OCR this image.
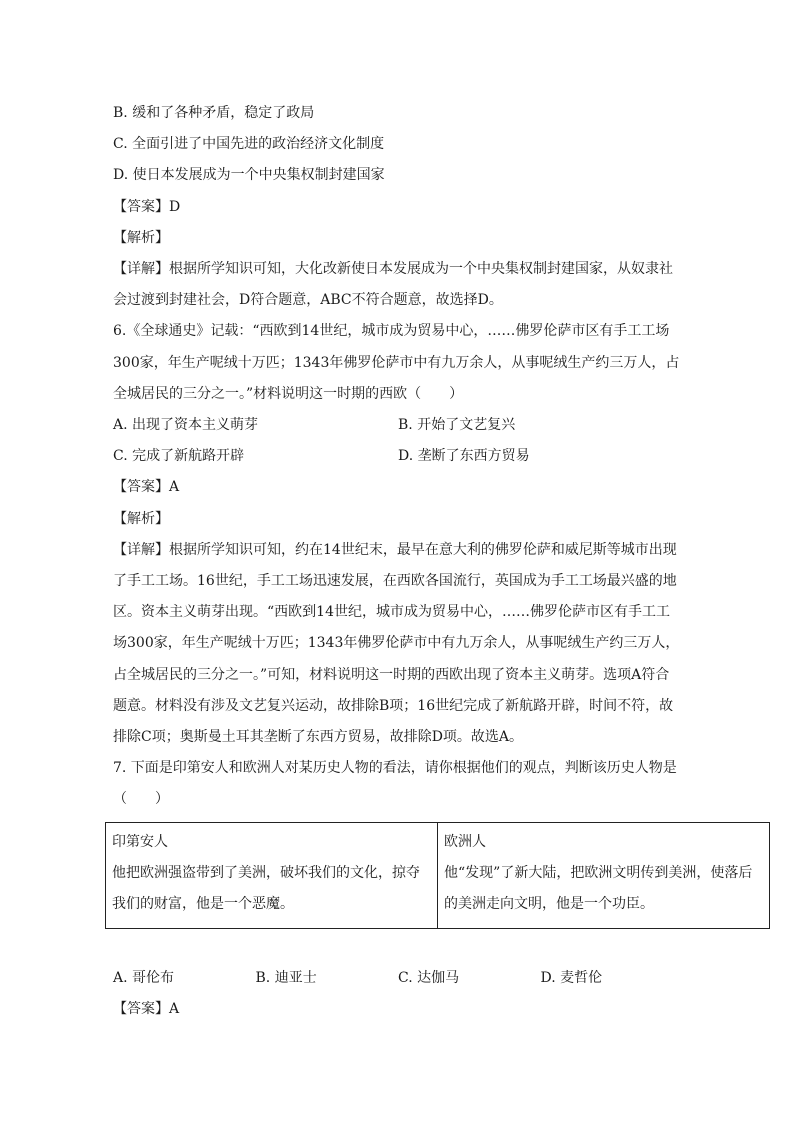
B. 缓和了各种矛盾，稳定了政局
C. 全面引进了中国先进的政治经济文化制度
D. 使日本发展成为一个中央集权制封建国家
【答案】D
【解析】
【详解】根据所学知识可知，大化改新使日本发展成为一个中央集权制封建国家，从奴隶社会过渡到封建社会，D符合题意，ABC不符合题意，故选择D。
6.《全球通史》记载：“西欧到14世纪，城市成为贸易中心，……佛罗伦萨市区有手工工场300家，年生产呢绒十万匹；1343年佛罗伦萨市中有九万余人，从事呢绒生产约三万人，占全城居民的三分之一。”材料说明这一时期的西欧（　　）
A. 出现了资本主义萌芽	B. 开始了文艺复兴
C. 完成了新航路开辟	D. 垄断了东西方贸易
【答案】A
【解析】
【详解】根据所学知识可知，约在14世纪末，最早在意大利的佛罗伦萨和威尼斯等城市出现了手工工场。16世纪，手工工场迅速发展，在西欧各国流行，英国成为手工工场最兴盛的地区。资本主义萌芽出现。“西欧到14世纪，城市成为贸易中心，……佛罗伦萨市区有手工工场300家，年生产呢绒十万匹；1343年佛罗伦萨市中有九万余人，从事呢绒生产约三万人，占全城居民的三分之一。”可知，材料说明这一时期的西欧出现了资本主义萌芽。选项A符合题意。材料没有涉及文艺复兴运动，故排除B项；16世纪完成了新航路开辟，时间不符，故排除C项；奥斯曼土耳其垄断了东西方贸易，故排除D项。故选A。
7. 下面是印第安人和欧洲人对某历史人物的看法，请你根据他们的观点，判断该历史人物是（　　）
印第安人
他把欧洲强盗带到了美洲，破坏我们的文化，掠夺我们的财富，他是一个恶魔。

欧洲人
他“发现”了新大陆，把欧洲文明传到美洲，使落后的美洲走向文明，他是一个功臣。
A. 哥伦布	B. 迪亚士	C. 达伽马	D. 麦哲伦
【答案】A
